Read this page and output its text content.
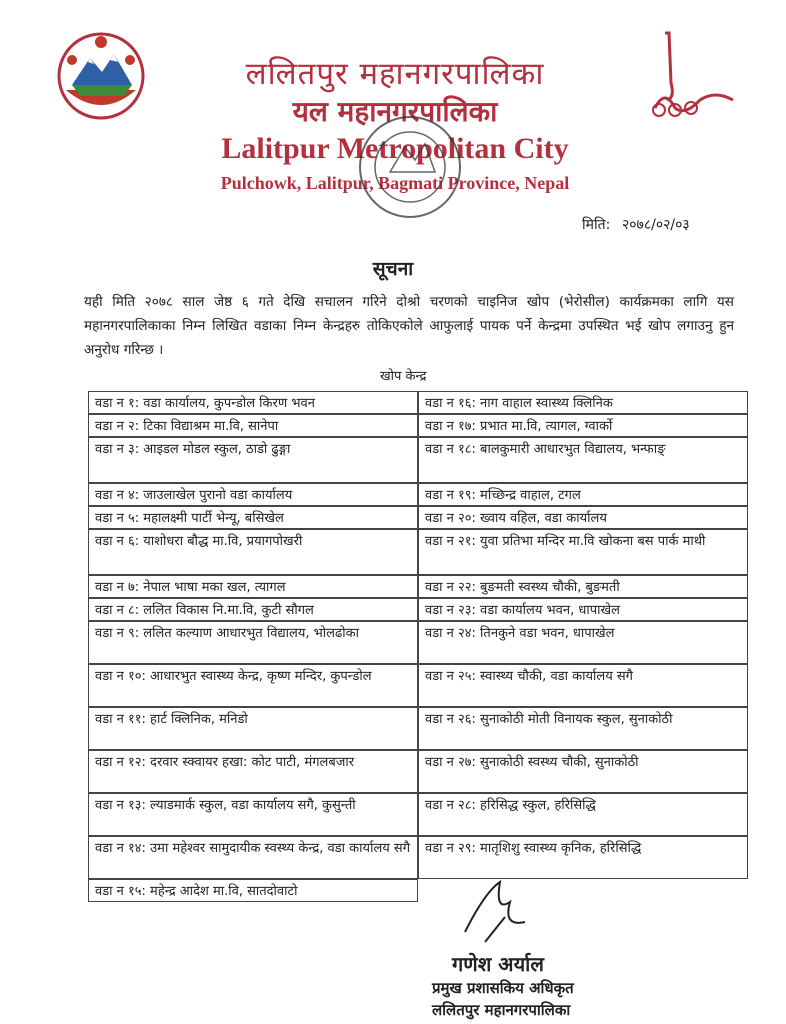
ललितपुर महानगरपालिका
यल महानगरपालिका
Lalitpur Metropolitan City
Pulchowk, Lalitpur, Bagmati Province, Nepal
मिति: २०७८/०२/०३
सूचना
यही मिति २०७८ साल जेष्ठ ६ गते देखि सचालन गरिने दोश्रो चरणको चाइनिज खोप (भेरोसील) कार्यक्रमका लागि यस महानगरपालिकाका निम्न लिखित वडाका निम्न केन्द्रहरु तोकिएकोले आफुलाई पायक पर्ने केन्द्रमा उपस्थित भई खोप लगाउनु हुन अनुरोध गरिन्छ ।
खोप केन्द्र
वडा न १: वडा कार्यालय, कुपन्डोल किरण भवन
वडा न २: टिका विद्याश्रम मा.वि, सानेपा
वडा न ३: आइडल मोडल स्कुल, ठाडो ढुङ्गा
वडा न ४: जाउलाखेल पुरानो वडा कार्यालय
वडा न ५: महालक्ष्मी पार्टी भेन्यू, बसिखेल
वडा न ६: याशोधरा बौद्ध मा.वि, प्रयागपोखरी
वडा न ७: नेपाल भाषा मका खल, त्यागल
वडा न ८: ललित विकास नि.मा.वि, कुटी सौगल
वडा न ९: ललित कल्याण आधारभुत विद्यालय, भोलढोका
वडा न १०: आधारभुत स्वास्थ्य केन्द्र, कृष्ण मन्दिर, कुपन्डोल
वडा न ११: हार्ट क्लिनिक, मनिडो
वडा न १२: दरवार स्क्वायर हखा: कोट पाटी, मंगलबजार
वडा न १३: ल्याडमार्क स्कुल, वडा कार्यालय सगै, कुसुन्ती
वडा न १४: उमा महेश्वर सामुदायीक स्वस्थ्य केन्द्र, वडा कार्यालय सगै
वडा न १५: महेन्द्र आदेश मा.वि, सातदोवाटो
वडा न १६: नाग वाहाल स्वास्थ्य क्लिनिक
वडा न १७: प्रभात मा.वि, त्यागल, ग्वार्को
वडा न १८: बालकुमारी आधारभुत विद्यालय, भन्फाङ्
वडा न १९: मच्छिन्द्र वाहाल, टगल
वडा न २०: ख्वाय वहिल, वडा कार्यालय
वडा न २१: युवा प्रतिभा मन्दिर मा.वि खोकना बस पार्क माथी
वडा न २२: बुङमती स्वस्थ्य चौकी, बुङमती
वडा न २३: वडा कार्यालय भवन, धापाखेल
वडा न २४: तिनकुने वडा भवन, धापाखेल
वडा न २५: स्वास्थ्य चौकी, वडा कार्यालय सगै
वडा न २६: सुनाकोठी मोती विनायक स्कुल, सुनाकोठी
वडा न २७: सुनाकोठी स्वस्थ्य चौकी, सुनाकोठी
वडा न २८: हरिसिद्ध स्कुल, हरिसिद्धि
वडा न २९: मातृशिशु स्वास्थ्य कृनिक, हरिसिद्धि
गणेश अर्याल
प्रमुख प्रशासकिय अधिकृत
ललितपुर महानगरपालिका
